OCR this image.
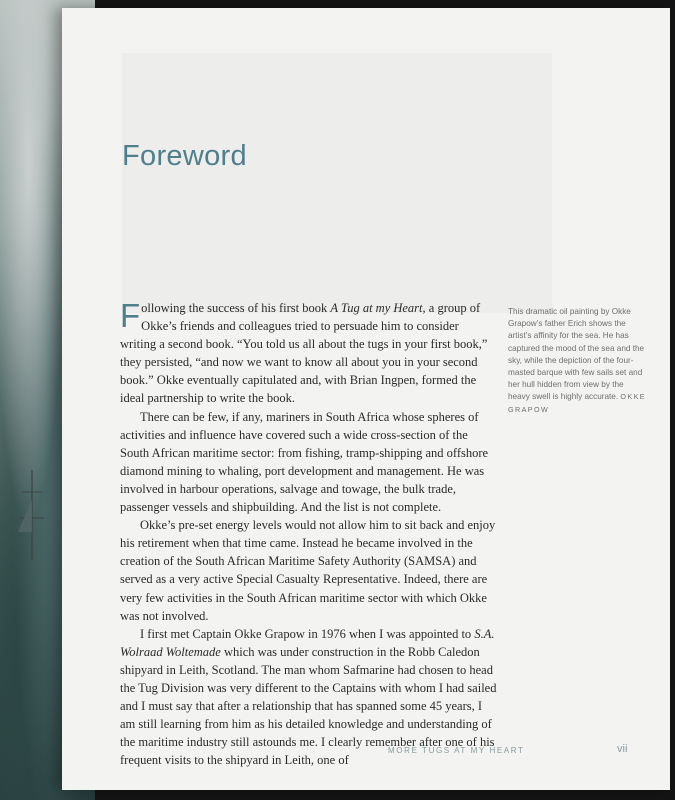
Foreword

Following the success of his first book A Tug at my Heart, a group of Okke’s friends and colleagues tried to persuade him to consider writing a second book. “You told us all about the tugs in your first book,” they persisted, “and now we want to know all about you in your second book.” Okke eventually capitulated and, with Brian Ingpen, formed the ideal partnership to write the book.

There can be few, if any, mariners in South Africa whose spheres of activities and influence have covered such a wide cross-section of the South African maritime sector: from fishing, tramp-shipping and offshore diamond mining to whaling, port development and management. He was involved in harbour operations, salvage and towage, the bulk trade, passenger vessels and shipbuilding. And the list is not complete.

Okke’s pre-set energy levels would not allow him to sit back and enjoy his retirement when that time came. Instead he became involved in the creation of the South African Maritime Safety Authority (SAMSA) and served as a very active Special Casualty Representative. Indeed, there are very few activities in the South African maritime sector with which Okke was not involved.

I first met Captain Okke Grapow in 1976 when I was appointed to S.A. Wolraad Woltemade which was under construction in the Robb Caledon shipyard in Leith, Scotland. The man whom Safmarine had chosen to head the Tug Division was very different to the Captains with whom I had sailed and I must say that after a relationship that has spanned some 45 years, I am still learning from him as his detailed knowledge and understanding of the maritime industry still astounds me. I clearly remember after one of his frequent visits to the shipyard in Leith, one of

This dramatic oil painting by Okke Grapow’s father Erich shows the artist’s affinity for the sea. He has captured the mood of the sea and the sky, while the depiction of the four-masted barque with few sails set and her hull hidden from view by the heavy swell is highly accurate. OKKE GRAPOW
MORE TUGS AT MY HEART	vii
